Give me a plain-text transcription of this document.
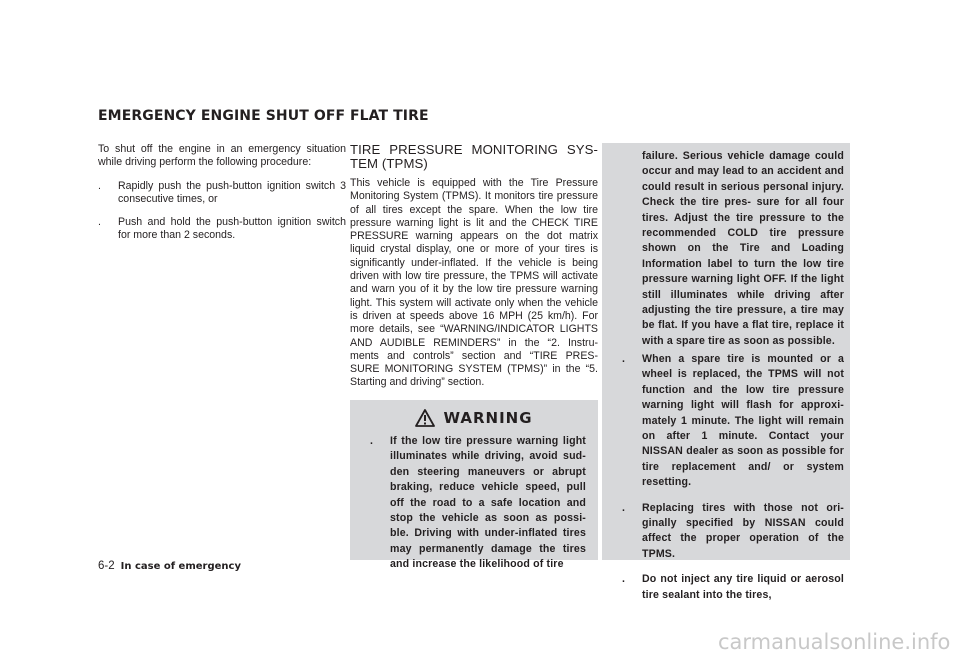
EMERGENCY ENGINE SHUT OFF FLAT TIRE

To shut off the engine in an emergency situation while driving perform the following procedure:

.	Rapidly push the push-button ignition switch 3 consecutive times, or
.	Push and hold the push-button ignition switch for more than 2 seconds.

TIRE PRESSURE MONITORING SYS- TEM (TPMS)

This vehicle is equipped with the Tire Pressure Monitoring System (TPMS). It monitors tire pressure of all tires except the spare. When the low tire pressure warning light is lit and the CHECK TIRE PRESSURE warning appears on the dot matrix liquid crystal display, one or more of your tires is significantly under-inflated. If the vehicle is being driven with low tire pressure, the TPMS will activate and warn you of it by the low tire pressure warning light. This system will activate only when the vehicle is driven at speeds above 16 MPH (25 km/h). For more details, see “WARNING/INDICATOR LIGHTS AND AUDIBLE REMINDERS” in the “2. Instru- ments and controls” section and “TIRE PRES- SURE MONITORING SYSTEM (TPMS)” in the “5. Starting and driving” section.

WARNING
.	If the low tire pressure warning light illuminates while driving, avoid sud- den steering maneuvers or abrupt braking, reduce vehicle speed, pull off the road to a safe location and stop the vehicle as soon as possi- ble. Driving with under-inflated tires may permanently damage the tires and increase the likelihood of tire
failure. Serious vehicle damage could occur and may lead to an accident and could result in serious personal injury. Check the tire pres- sure for all four tires. Adjust the tire pressure to the recommended COLD tire pressure shown on the Tire and Loading Information label to turn the low tire pressure warning light OFF. If the light still illuminates while driving after adjusting the tire pressure, a tire may be flat. If you have a flat tire, replace it with a spare tire as soon as possible.
.	When a spare tire is mounted or a wheel is replaced, the TPMS will not function and the low tire pressure warning light will flash for approxi- mately 1 minute. The light will remain on after 1 minute. Contact your NISSAN dealer as soon as possible for tire replacement and/ or system resetting.
.	Replacing tires with those not ori- ginally specified by NISSAN could affect the proper operation of the TPMS.
.	Do not inject any tire liquid or aerosol tire sealant into the tires,
6-2 In case of emergency
carmanualsonline.info
